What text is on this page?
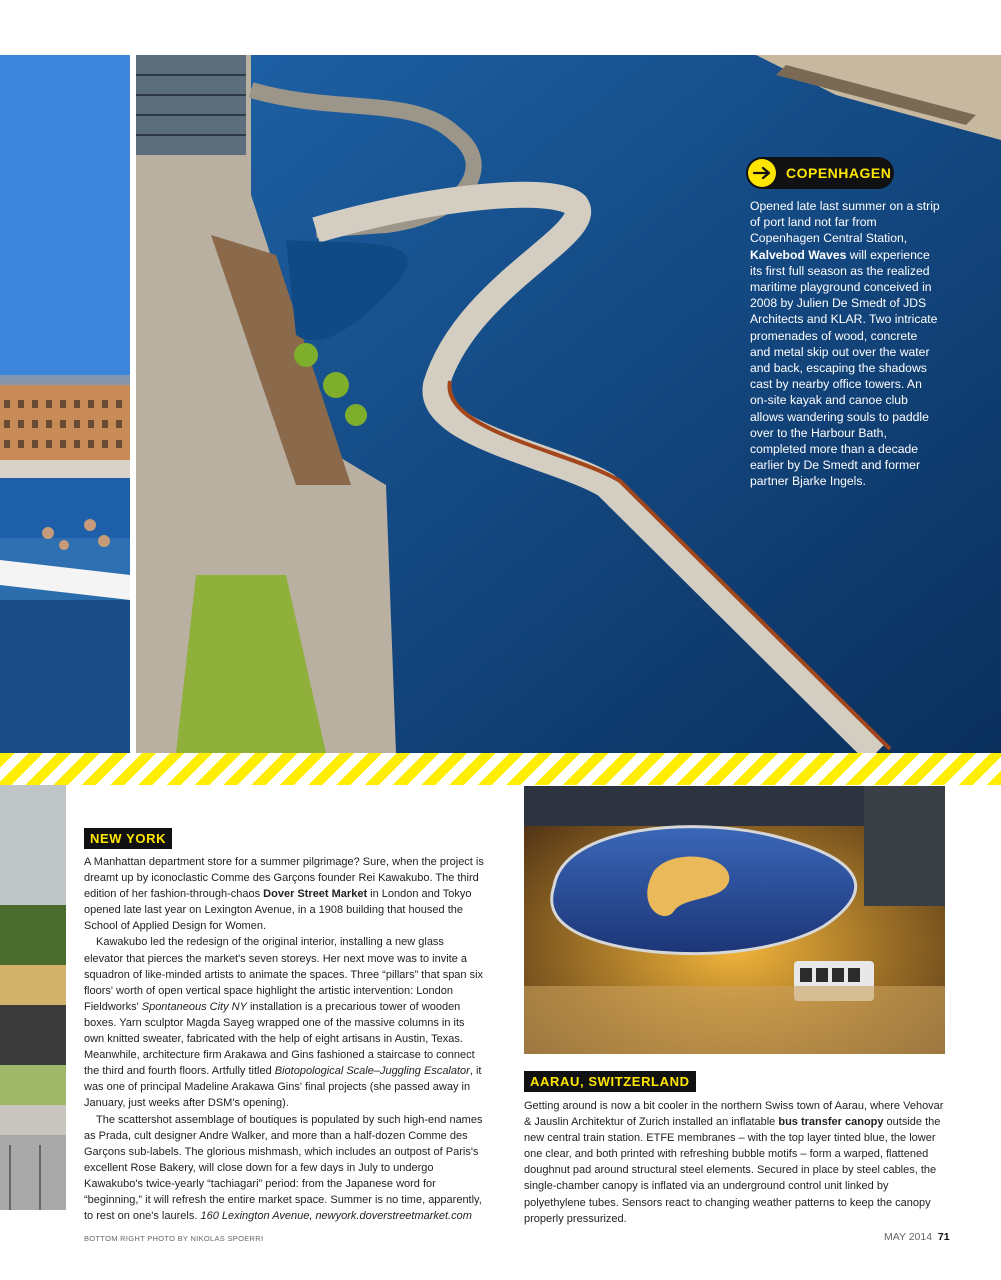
COPENHAGEN
Opened late last summer on a strip of port land not far from Copenhagen Central Station, Kalvebod Waves will experience its first full season as the realized maritime playground conceived in 2008 by Julien De Smedt of JDS Architects and KLAR. Two intricate promenades of wood, concrete and metal skip out over the water and back, escaping the shadows cast by nearby office towers. An on-site kayak and canoe club allows wandering souls to paddle over to the Harbour Bath, completed more than a decade earlier by De Smedt and former partner Bjarke Ingels.
NEW YORK

A Manhattan department store for a summer pilgrimage? Sure, when the project is dreamt up by iconoclastic Comme des Garçons founder Rei Kawakubo. The third edition of her fashion-through-chaos Dover Street Market in London and Tokyo opened late last year on Lexington Avenue, in a 1908 building that housed the School of Applied Design for Women.

Kawakubo led the redesign of the original interior, installing a new glass elevator that pierces the market's seven storeys. Her next move was to invite a squadron of like-minded artists to animate the spaces. Three “pillars” that span six floors' worth of open vertical space highlight the artistic intervention: London Fieldworks' Spontaneous City NY installation is a precarious tower of wooden boxes. Yarn sculptor Magda Sayeg wrapped one of the massive columns in its own knitted sweater, fabricated with the help of eight artisans in Austin, Texas. Meanwhile, architecture firm Arakawa and Gins fashioned a staircase to connect the third and fourth floors. Artfully titled Biotopological Scale–Juggling Escalator, it was one of principal Madeline Arakawa Gins' final projects (she passed away in January, just weeks after DSM's opening).

The scattershot assemblage of boutiques is populated by such high-end names as Prada, cult designer Andre Walker, and more than a half-dozen Comme des Garçons sub-labels. The glorious mishmash, which includes an outpost of Paris's excellent Rose Bakery, will close down for a few days in July to undergo Kawakubo's twice-yearly “tachiagari” period: from the Japanese word for “beginning,” it will refresh the entire market space. Summer is no time, apparently, to rest on one's laurels. 160 Lexington Avenue, newyork.doverstreetmarket.com

AARAU, SWITZERLAND
Getting around is now a bit cooler in the northern Swiss town of Aarau, where Vehovar & Jauslin Architektur of Zurich installed an inflatable bus transfer canopy outside the new central train station. ETFE membranes – with the top layer tinted blue, the lower one clear, and both printed with refreshing bubble motifs – form a warped, flattened doughnut pad around structural steel elements. Secured in place by steel cables, the single-chamber canopy is inflated via an underground control unit linked by polyethylene tubes. Sensors react to changing weather patterns to keep the canopy properly pressurized.
BOTTOM RIGHT PHOTO BY NIKOLAS SPOERRI	MAY 2014 71
